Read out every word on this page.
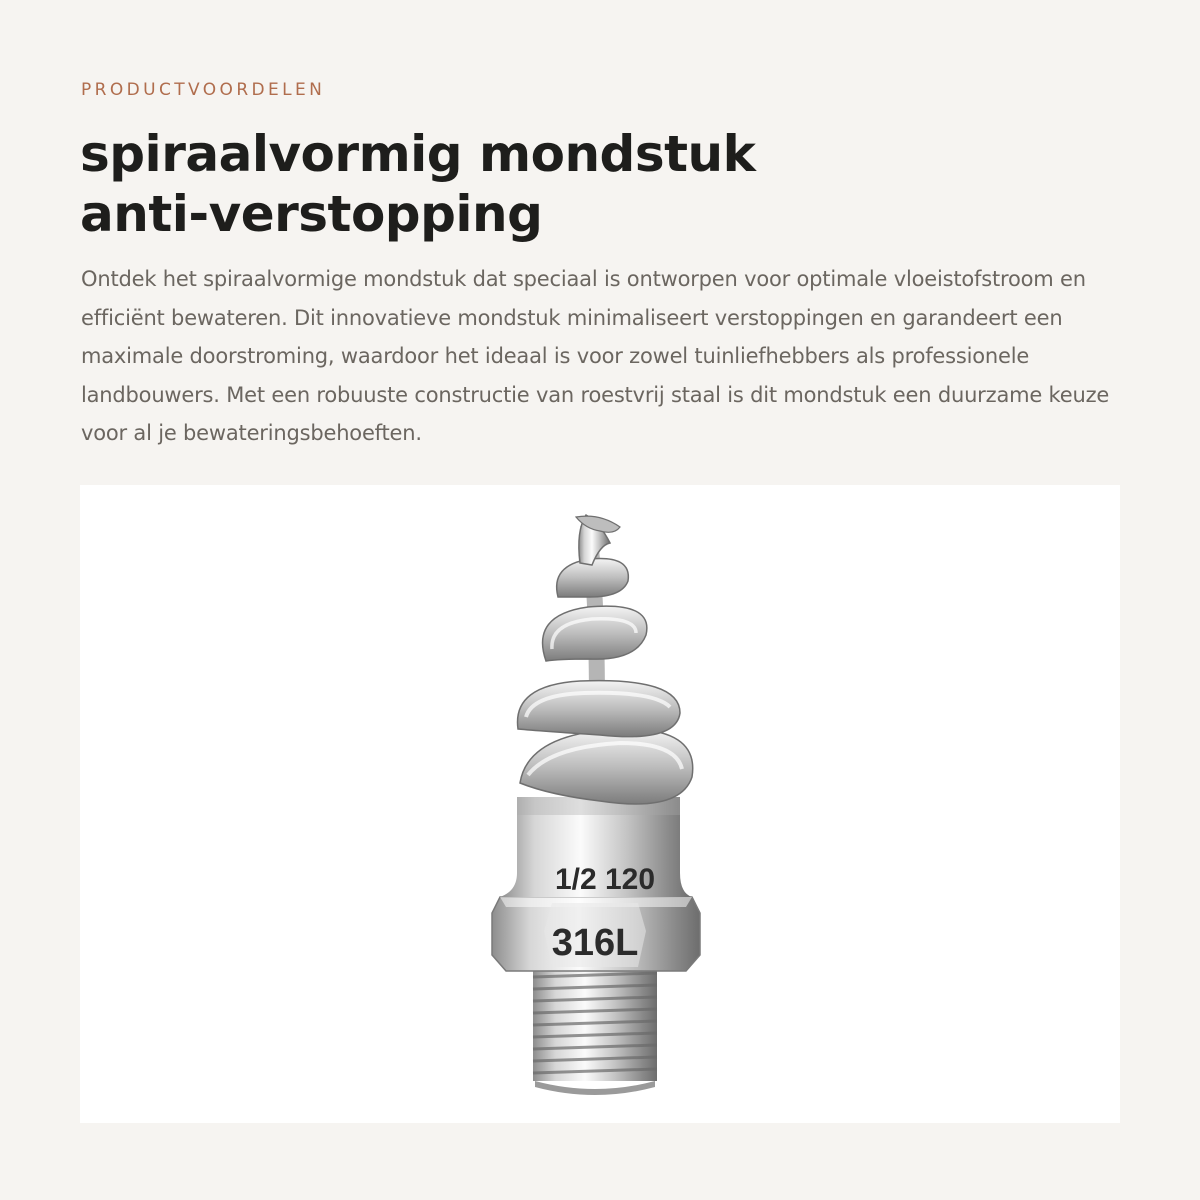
PRODUCTVOORDELEN
spiraalvormig mondstuk
anti-verstopping

Ontdek het spiraalvormige mondstuk dat speciaal is ontworpen voor optimale vloeistofstroom en efficiënt bewateren. Dit innovatieve mondstuk minimaliseert verstoppingen en garandeert een maximale doorstroming, waardoor het ideaal is voor zowel tuinliefhebbers als professionele landbouwers. Met een robuuste constructie van roestvrij staal is dit mondstuk een duurzame keuze voor al je bewateringsbehoeften.

1/2 120
316L
